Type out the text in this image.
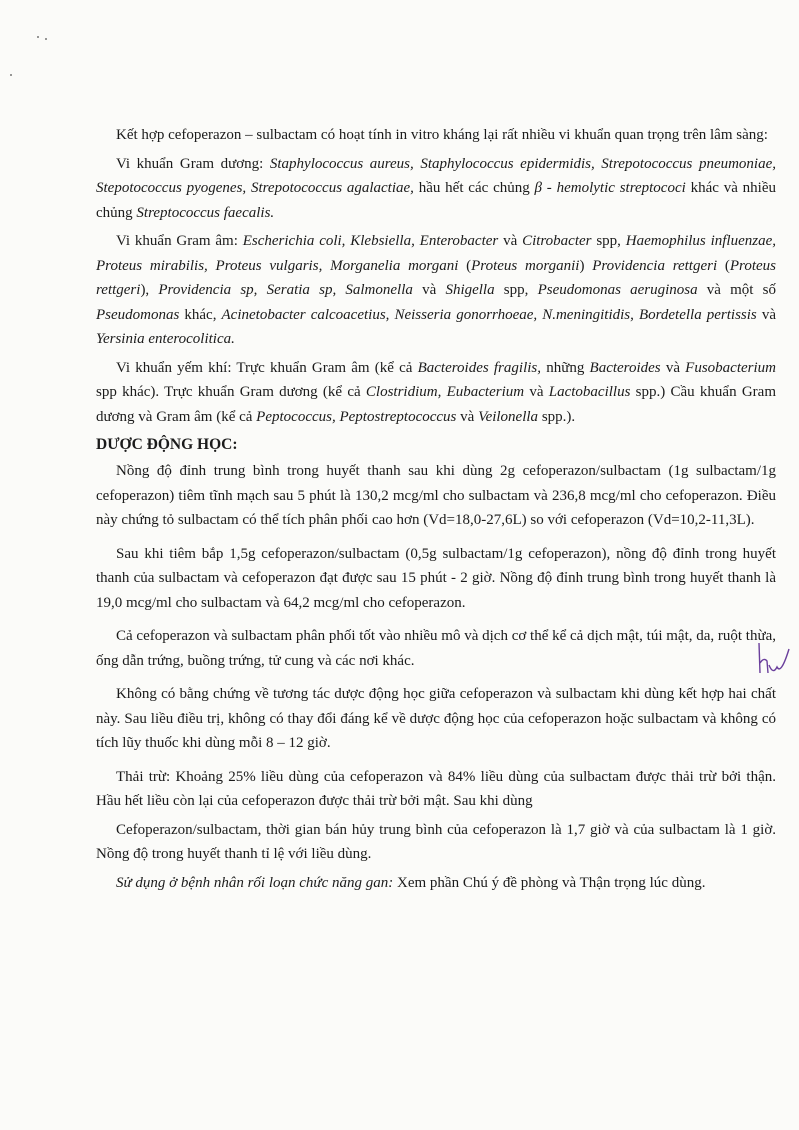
Kết hợp cefoperazon – sulbactam có hoạt tính in vitro kháng lại rất nhiều vi khuẩn quan trọng trên lâm sàng:

Vi khuẩn Gram dương: Staphylococcus aureus, Staphylococcus epidermidis, Strepotococcus pneumoniae, Stepotococcus pyogenes, Strepotococcus agalactiae, hầu hết các chủng β - hemolytic streptococi khác và nhiều chủng Streptococcus faecalis.

Vi khuẩn Gram âm: Escherichia coli, Klebsiella, Enterobacter và Citrobacter spp, Haemophilus influenzae, Proteus mirabilis, Proteus vulgaris, Morganelia morgani (Proteus morganii) Providencia rettgeri (Proteus rettgeri), Providencia sp, Seratia sp, Salmonella và Shigella spp, Pseudomonas aeruginosa và một số Pseudomonas khác, Acinetobacter calcoacetius, Neisseria gonorrhoeae, N.meningitidis, Bordetella pertissis và Yersinia enterocolitica.

Vi khuẩn yếm khí: Trực khuẩn Gram âm (kể cả Bacteroides fragilis, những Bacteroides và Fusobacterium spp khác). Trực khuẩn Gram dương (kể cả Clostridium, Eubacterium và Lactobacillus spp.) Cầu khuẩn Gram dương và Gram âm (kể cả Peptococcus, Peptostreptococcus và Veilonella spp.).

DƯỢC ĐỘNG HỌC:

Nồng độ đỉnh trung bình trong huyết thanh sau khi dùng 2g cefoperazon/sulbactam (1g sulbactam/1g cefoperazon) tiêm tĩnh mạch sau 5 phút là 130,2 mcg/ml cho sulbactam và 236,8 mcg/ml cho cefoperazon. Điều này chứng tỏ sulbactam có thể tích phân phối cao hơn (Vd=18,0-27,6L) so với cefoperazon (Vd=10,2-11,3L).

Sau khi tiêm bắp 1,5g cefoperazon/sulbactam (0,5g sulbactam/1g cefoperazon), nồng độ đỉnh trong huyết thanh của sulbactam và cefoperazon đạt được sau 15 phút - 2 giờ. Nồng độ đỉnh trung bình trong huyết thanh là 19,0 mcg/ml cho sulbactam và 64,2 mcg/ml cho cefoperazon.

Cả cefoperazon và sulbactam phân phối tốt vào nhiều mô và dịch cơ thể kể cả dịch mật, túi mật, da, ruột thừa, ống dẫn trứng, buồng trứng, tử cung và các nơi khác.

Không có bằng chứng về tương tác dược động học giữa cefoperazon và sulbactam khi dùng kết hợp hai chất này. Sau liều điều trị, không có thay đổi đáng kể về dược động học của cefoperazon hoặc sulbactam và không có tích lũy thuốc khi dùng mỗi 8 – 12 giờ.

Thải trừ: Khoảng 25% liều dùng của cefoperazon và 84% liều dùng của sulbactam được thải trừ bởi thận. Hầu hết liều còn lại của cefoperazon được thải trừ bởi mật. Sau khi dùng

Cefoperazon/sulbactam, thời gian bán hủy trung bình của cefoperazon là 1,7 giờ và của sulbactam là 1 giờ. Nồng độ trong huyết thanh tỉ lệ với liều dùng.

Sử dụng ở bệnh nhân rối loạn chức năng gan: Xem phần Chú ý đề phòng và Thận trọng lúc dùng.
